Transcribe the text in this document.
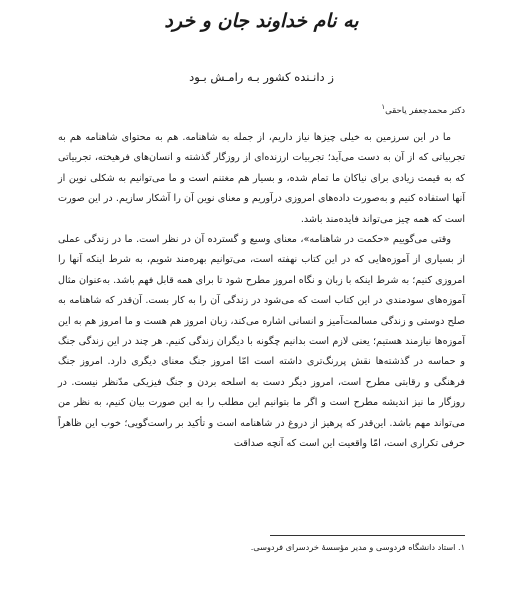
به نام خداوند جان و خرد
ز دانـنده کشور بـه رامـش بـود
دکتر محمدجعفر یاحقی$^۱$

ما در این سرزمین به خیلی چیزها نیاز داریم، از جمله به شاهنامه. هم به محتوای شاهنامه هم به تجربیاتی که از آن به دست می‌آید؛ تجربیات ارزنده‌ای از روزگار گذشته و انسان‌های فرهیخته، تجربیاتی که به قیمت زیادی برای نیاکان ما تمام شده، و بسیار هم مغتنم است و ما می‌توانیم به شکلی نوین از آنها استفاده کنیم و به‌صورت داده‌های امروزی درآوریم و معنای نوین آن را آشکار سازیم. در این صورت است که همه چیز می‌تواند فایده‌مند باشد.

وقتی می‌گوییم «حکمت در شاهنامه»، معنای وسیع و گسترده آن در نظر است. ما در زندگی عملی از بسیاری از آموزه‌هایی که در این کتاب نهفته است، می‌توانیم بهره‌مند شویم، به شرط اینکه آنها را امروزی کنیم؛ به شرط اینکه با زبان و نگاه امروز مطرح شود تا برای همه قابل فهم باشد. به‌عنوان مثال آموزه‌های سودمندی در این کتاب است که می‌شود در زندگی آن را به کار بست. آن‌قدر که شاهنامه به صلح دوستی و زندگی مسالمت‌آمیز و انسانی اشاره می‌کند، زبان امروز هم هست و ما امروز هم به این آموزه‌ها نیازمند هستیم؛ یعنی لازم است بدانیم چگونه با دیگران زندگی کنیم. هر چند در این زندگی جنگ و حماسه در گذشته‌ها نقش پررنگ‌تری داشته است امّا امروز جنگ معنای دیگری دارد. امروز جنگ فرهنگی و رقابتی مطرح است، امروز دیگر دست به اسلحه بردن و جنگ فیزیکی مدّنظر نیست. در روزگار ما نیز اندیشه مطرح است و اگر ما بتوانیم این مطلب را به این صورت بیان کنیم، به نظر من می‌تواند مهم باشد. این‌قدر که پرهیز از دروغ در شاهنامه است و تأکید بر راست‌گویی؛ خوب این ظاهراً حرفی تکراری است، امّا واقعیت این است که آنچه صداقت

۱. استاد دانشگاه فردوسی و مدیر مؤسسهٔ خردسرای فردوسی.
